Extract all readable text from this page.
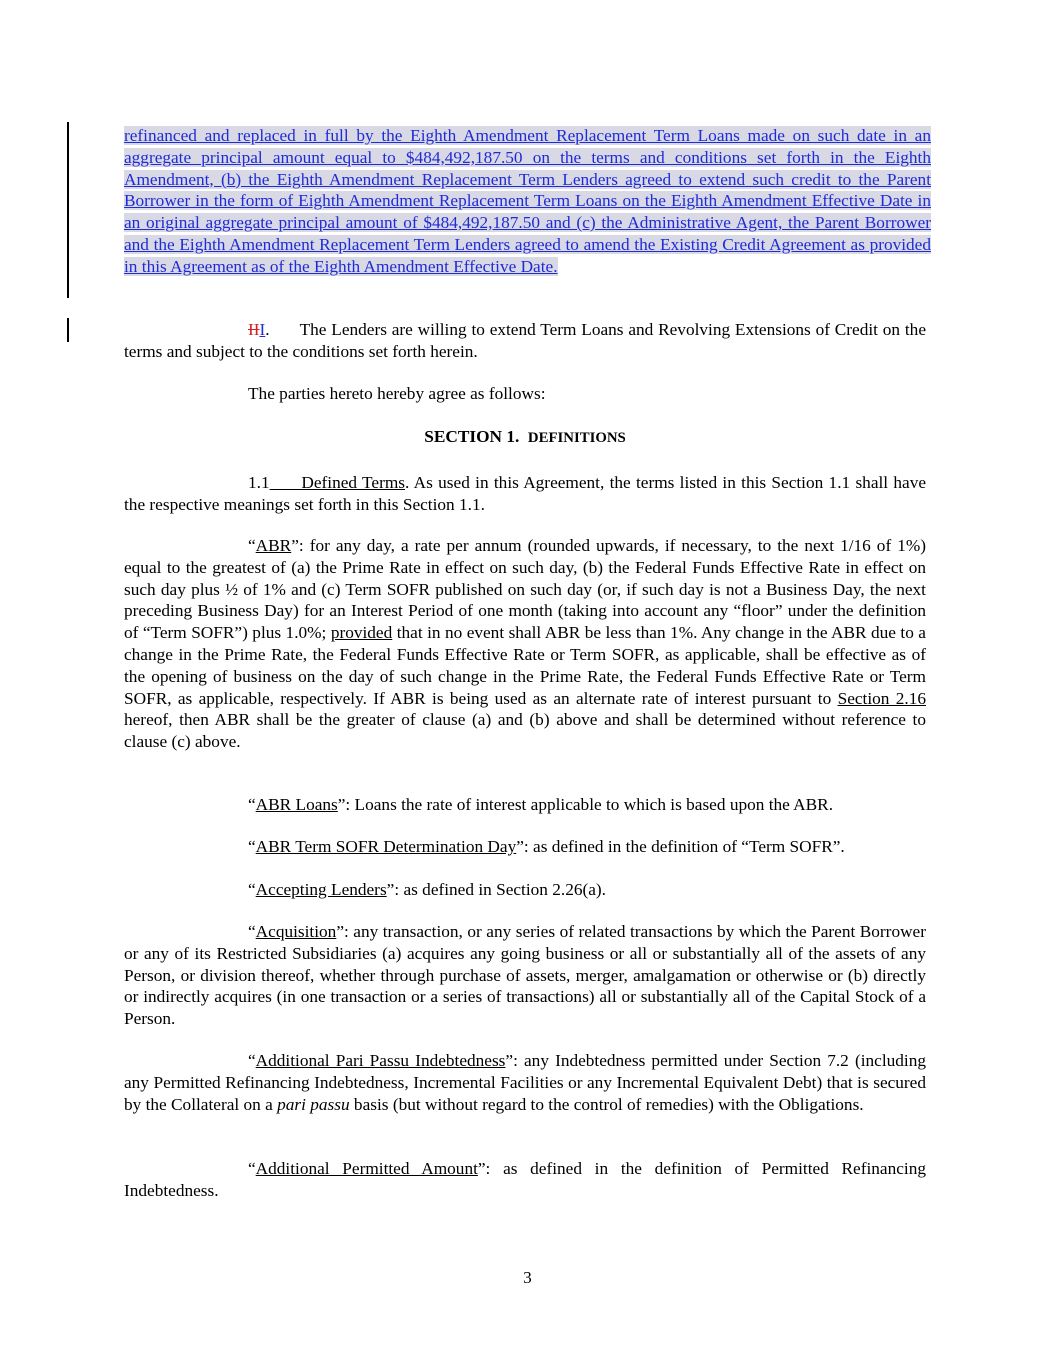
refinanced and replaced in full by the Eighth Amendment Replacement Term Loans made on such date in an aggregate principal amount equal to $484,492,187.50 on the terms and conditions set forth in the Eighth Amendment, (b) the Eighth Amendment Replacement Term Lenders agreed to extend such credit to the Parent Borrower in the form of Eighth Amendment Replacement Term Loans on the Eighth Amendment Effective Date in an original aggregate principal amount of $484,492,187.50 and (c) the Administrative Agent, the Parent Borrower and the Eighth Amendment Replacement Term Lenders agreed to amend the Existing Credit Agreement as provided in this Agreement as of the Eighth Amendment Effective Date.

III. The Lenders are willing to extend Term Loans and Revolving Extensions of Credit on the terms and subject to the conditions set forth herein.

The parties hereto hereby agree as follows:

SECTION 1. DEFINITIONS

1.1 Defined Terms. As used in this Agreement, the terms listed in this Section 1.1 shall have the respective meanings set forth in this Section 1.1.

“ABR”: for any day, a rate per annum (rounded upwards, if necessary, to the next 1/16 of 1%) equal to the greatest of (a) the Prime Rate in effect on such day, (b) the Federal Funds Effective Rate in effect on such day plus ½ of 1% and (c) Term SOFR published on such day (or, if such day is not a Business Day, the next preceding Business Day) for an Interest Period of one month (taking into account any “floor” under the definition of “Term SOFR”) plus 1.0%; provided that in no event shall ABR be less than 1%. Any change in the ABR due to a change in the Prime Rate, the Federal Funds Effective Rate or Term SOFR, as applicable, shall be effective as of the opening of business on the day of such change in the Prime Rate, the Federal Funds Effective Rate or Term SOFR, as applicable, respectively. If ABR is being used as an alternate rate of interest pursuant to Section 2.16 hereof, then ABR shall be the greater of clause (a) and (b) above and shall be determined without reference to clause (c) above.

“ABR Loans”: Loans the rate of interest applicable to which is based upon the ABR.

“ABR Term SOFR Determination Day”: as defined in the definition of “Term SOFR”.

“Accepting Lenders”: as defined in Section 2.26(a).

“Acquisition”: any transaction, or any series of related transactions by which the Parent Borrower or any of its Restricted Subsidiaries (a) acquires any going business or all or substantially all of the assets of any Person, or division thereof, whether through purchase of assets, merger, amalgamation or otherwise or (b) directly or indirectly acquires (in one transaction or a series of transactions) all or substantially all of the Capital Stock of a Person.

“Additional Pari Passu Indebtedness”: any Indebtedness permitted under Section 7.2 (including any Permitted Refinancing Indebtedness, Incremental Facilities or any Incremental Equivalent Debt) that is secured by the Collateral on a pari passu basis (but without regard to the control of remedies) with the Obligations.

“Additional Permitted Amount”: as defined in the definition of Permitted Refinancing Indebtedness.

3
